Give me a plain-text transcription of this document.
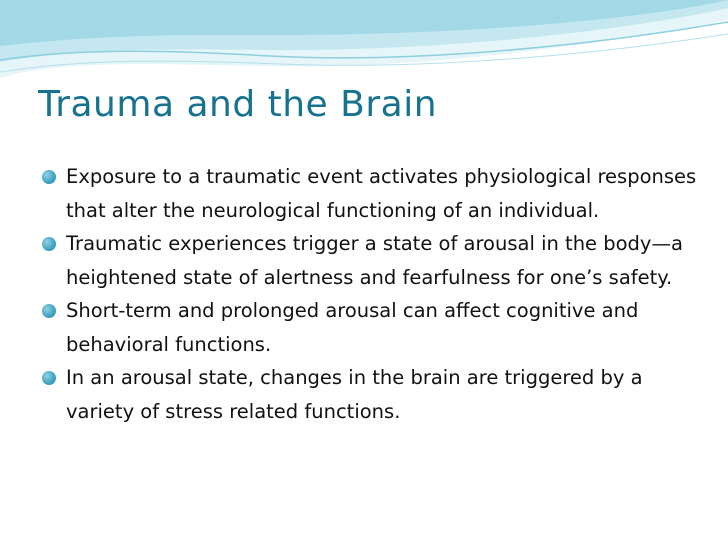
Trauma and the Brain
Exposure to a traumatic event activates physiological responses that alter the neurological functioning of an individual.
Traumatic experiences trigger a state of arousal in the body—a heightened state of alertness and fearfulness for one’s safety.
Short-term and prolonged arousal can affect cognitive and behavioral functions.
In an arousal state, changes in the brain are triggered by a variety of stress related functions.
